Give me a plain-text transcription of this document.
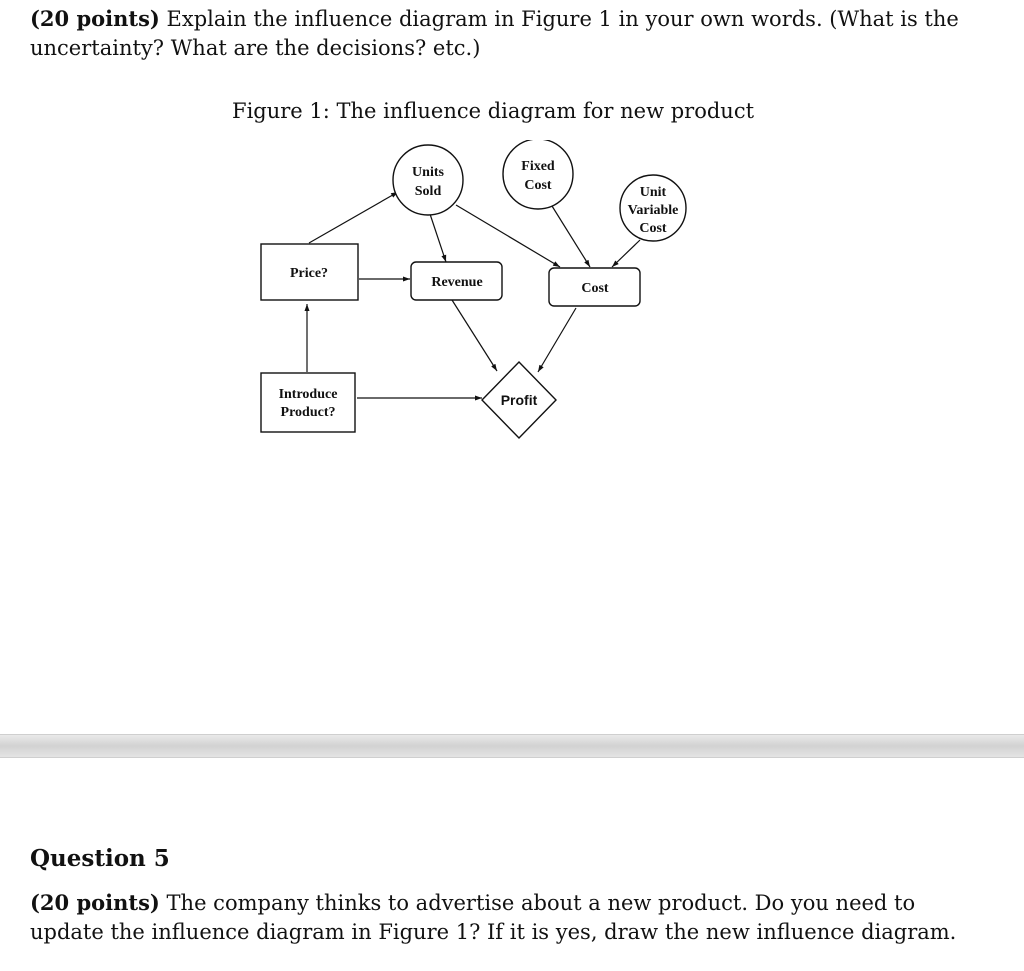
(20 points) Explain the influence diagram in Figure 1 in your own words. (What is the uncertainty? What are the decisions? etc.)

Figure 1: The influence diagram for new product

Units
Sold
Fixed
Cost	Unit
Variable
Cost
Price?
Revenue	Cost
Introduce
Product?
Profit

Question 5

(20 points) The company thinks to advertise about a new product. Do you need to update the influence diagram in Figure 1? If it is yes, draw the new influence diagram.
